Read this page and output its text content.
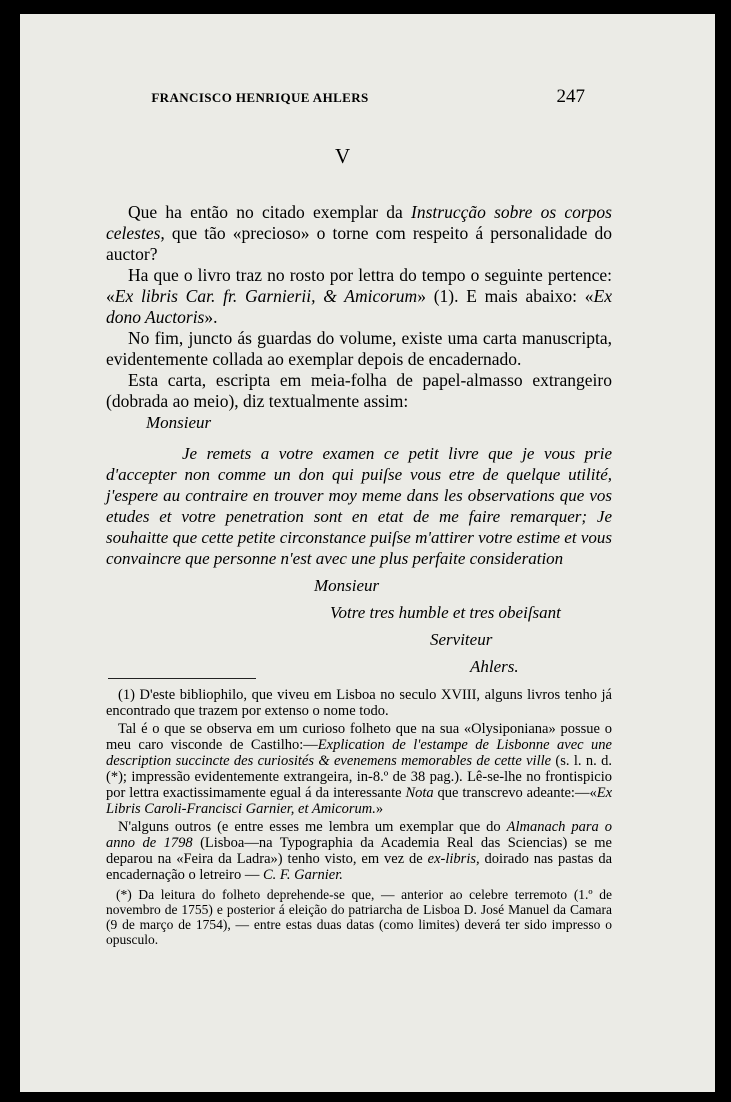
FRANCISCO HENRIQUE AHLERS	247
V

Que ha então no citado exemplar da Instrucção sobre os corpos celestes, que tão «precioso» o torne com respeito á personalidade do auctor?

Ha que o livro traz no rosto por lettra do tempo o seguinte pertence: «Ex libris Car. fr. Garnierii, & Amicorum» (1). E mais abaixo: «Ex dono Auctoris».

No fim, juncto ás guardas do volume, existe uma carta manuscripta, evidentemente collada ao exemplar depois de encadernado.

Esta carta, escripta em meia-folha de papel-almasso extrangeiro (dobrada ao meio), diz textualmente assim:

Monsieur

Je remets a votre examen ce petit livre que je vous prie d'accepter non comme un don qui puiſse vous etre de quelque utilité, j'espere au contraire en trouver moy meme dans les observations que vos etudes et votre penetration sont en etat de me faire remarquer; Je souhaitte que cette petite circonstance puiſse m'attirer votre estime et vous convaincre que personne n'est avec une plus perfaite consideration

Monsieur

Votre tres humble et tres obeiſsant

Serviteur

Ahlers.

(1) D'este bibliophilo, que viveu em Lisboa no seculo XVIII, alguns livros tenho já encontrado que trazem por extenso o nome todo.

Tal é o que se observa em um curioso folheto que na sua «Olysiponiana» possue o meu caro visconde de Castilho:—Explication de l'estampe de Lisbonne avec une description succincte des curiosités & evenemens memorables de cette ville (s. l. n. d. (*); impressão evidentemente extrangeira, in-8.º de 38 pag.). Lê-se-lhe no frontispicio por lettra exactissimamente egual á da interessante Nota que transcrevo adeante:—«Ex Libris Caroli-Francisci Garnier, et Amicorum.»

N'alguns outros (e entre esses me lembra um exemplar que do Almanach para o anno de 1798 (Lisboa—na Typographia da Academia Real das Sciencias) se me deparou na «Feira da Ladra») tenho visto, em vez de ex-libris, doirado nas pastas da encadernação o letreiro — C. F. Garnier.

(*) Da leitura do folheto deprehende-se que, — anterior ao celebre terremoto (1.º de novembro de 1755) e posterior á eleição do patriarcha de Lisboa D. José Manuel da Camara (9 de março de 1754), — entre estas duas datas (como limites) deverá ter sido impresso o opusculo.
